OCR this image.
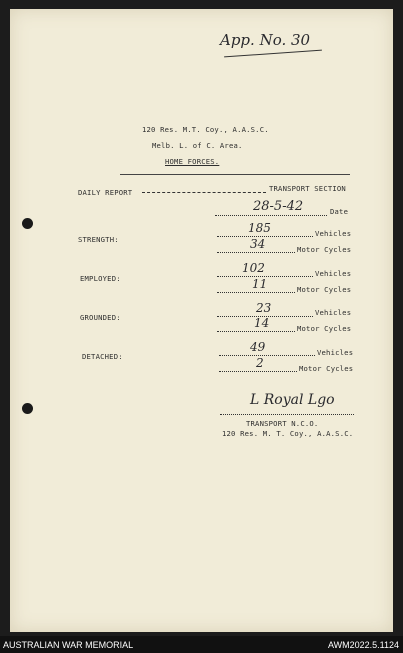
App. No. 30
120 Res. M.T. Coy., A.A.S.C.
Melb. L. of C. Area.
HOME FORCES.
DAILY REPORT	TRANSPORT SECTION
28-5-42	Date
STRENGTH:
185	Vehicles
34	Motor Cycles
EMPLOYED:
102	Vehicles
11	Motor Cycles
GROUNDED:
23	Vehicles
14	Motor Cycles
DETACHED:
49	Vehicles
2	Motor Cycles
L Royal Lgo
TRANSPORT N.C.O.
120 Res. M. T. Coy., A.A.S.C.
AUSTRALIAN WAR MEMORIAL	AWM2022.5.1124
